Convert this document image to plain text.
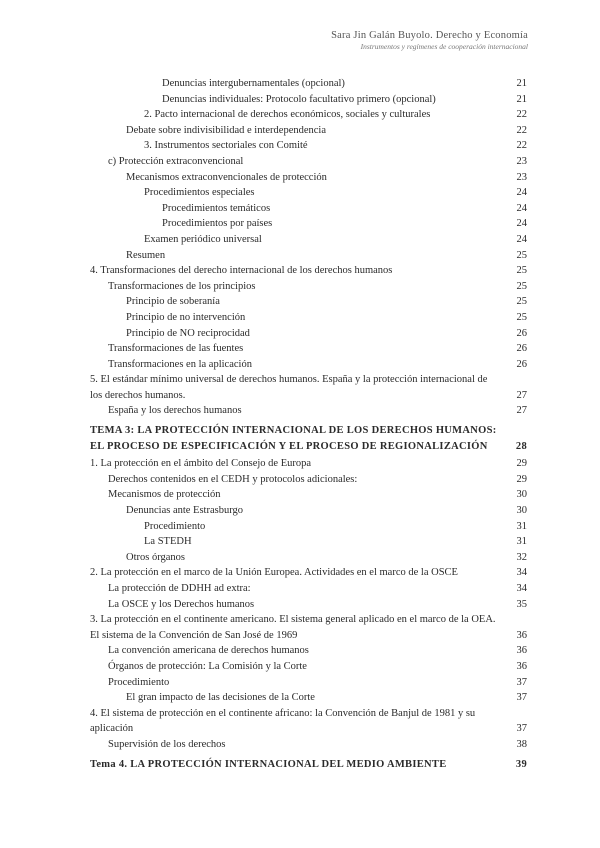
Sara Jin Galán Buyolo. Derecho y Economía
Instrumentos y regímenes de cooperación internacional
Denuncias intergubernamentales (opcional)	21
Denuncias individuales: Protocolo facultativo primero (opcional)	21
2. Pacto internacional de derechos económicos, sociales y culturales	22
Debate sobre indivisibilidad e interdependencia	22
3. Instrumentos sectoriales con Comité	22
c) Protección extraconvencional	23
Mecanismos extraconvencionales de protección	23
Procedimientos especiales	24
Procedimientos temáticos	24
Procedimientos por países	24
Examen periódico universal	24
Resumen	25
4. Transformaciones del derecho internacional de los derechos humanos	25
Transformaciones de los principios	25
Principio de soberanía	25
Principio de no intervención	25
Principio de NO reciprocidad	26
Transformaciones de las fuentes	26
Transformaciones en la aplicación	26
5. El estándar mínimo universal de derechos humanos. España y la protección internacional de los derechos humanos.	27
España y los derechos humanos	27
TEMA 3: LA PROTECCIÓN INTERNACIONAL DE LOS DERECHOS HUMANOS: EL PROCESO DE ESPECIFICACIÓN Y EL PROCESO DE REGIONALIZACIÓN	28
1. La protección en el ámbito del Consejo de Europa	29
Derechos contenidos en el CEDH y protocolos adicionales:	29
Mecanismos de protección	30
Denuncias ante Estrasburgo	30
Procedimiento	31
La STEDH	31
Otros órganos	32
2. La protección en el marco de la Unión Europea. Actividades en el marco de la OSCE	34
La protección de DDHH ad extra:	34
La OSCE y los Derechos humanos	35
3. La protección en el continente americano. El sistema general aplicado en el marco de la OEA. El sistema de la Convención de San José de 1969	36
La convención americana de derechos humanos	36
Órganos de protección: La Comisión y la Corte	36
Procedimiento	37
El gran impacto de las decisiones de la Corte	37
4. El sistema de protección en el continente africano: la Convención de Banjul de 1981 y su aplicación	37
Supervisión de los derechos	38
Tema 4. LA PROTECCIÓN INTERNACIONAL DEL MEDIO AMBIENTE	39
